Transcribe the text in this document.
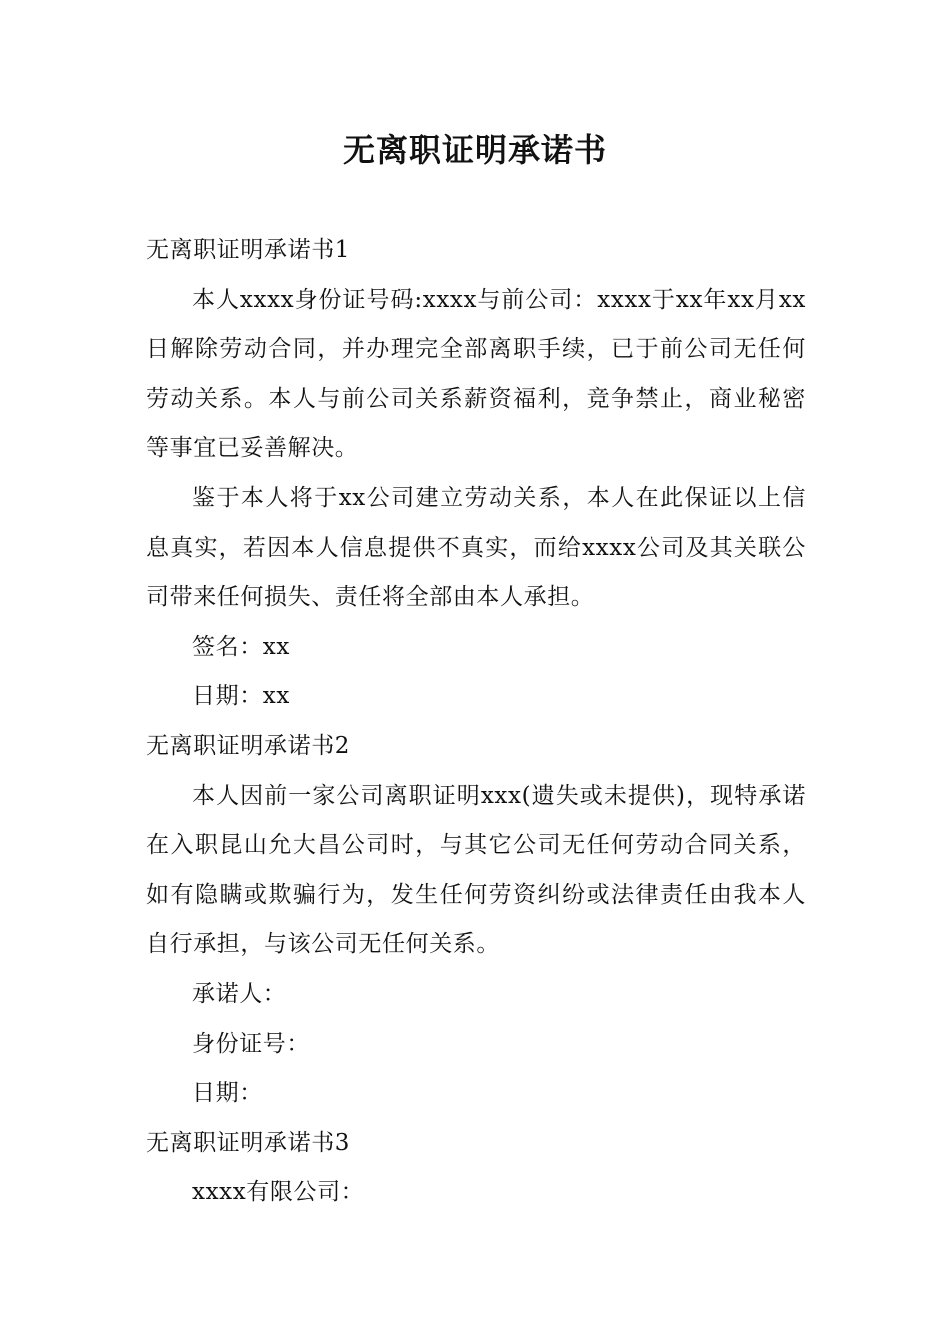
无离职证明承诺书

无离职证明承诺书1

本人xxxx身份证号码:xxxx与前公司：xxxx于xx年xx月xx日解除劳动合同，并办理完全部离职手续，已于前公司无任何劳动关系。本人与前公司关系薪资福利，竞争禁止，商业秘密等事宜已妥善解决。

鉴于本人将于xx公司建立劳动关系，本人在此保证以上信息真实，若因本人信息提供不真实，而给xxxx公司及其关联公司带来任何损失、责任将全部由本人承担。

签名：xx

日期：xx

无离职证明承诺书2

本人因前一家公司离职证明xxx(遗失或未提供)，现特承诺在入职昆山允大昌公司时，与其它公司无任何劳动合同关系，如有隐瞒或欺骗行为，发生任何劳资纠纷或法律责任由我本人自行承担，与该公司无任何关系。

承诺人：

身份证号：

日期：

无离职证明承诺书3

xxxx有限公司：
